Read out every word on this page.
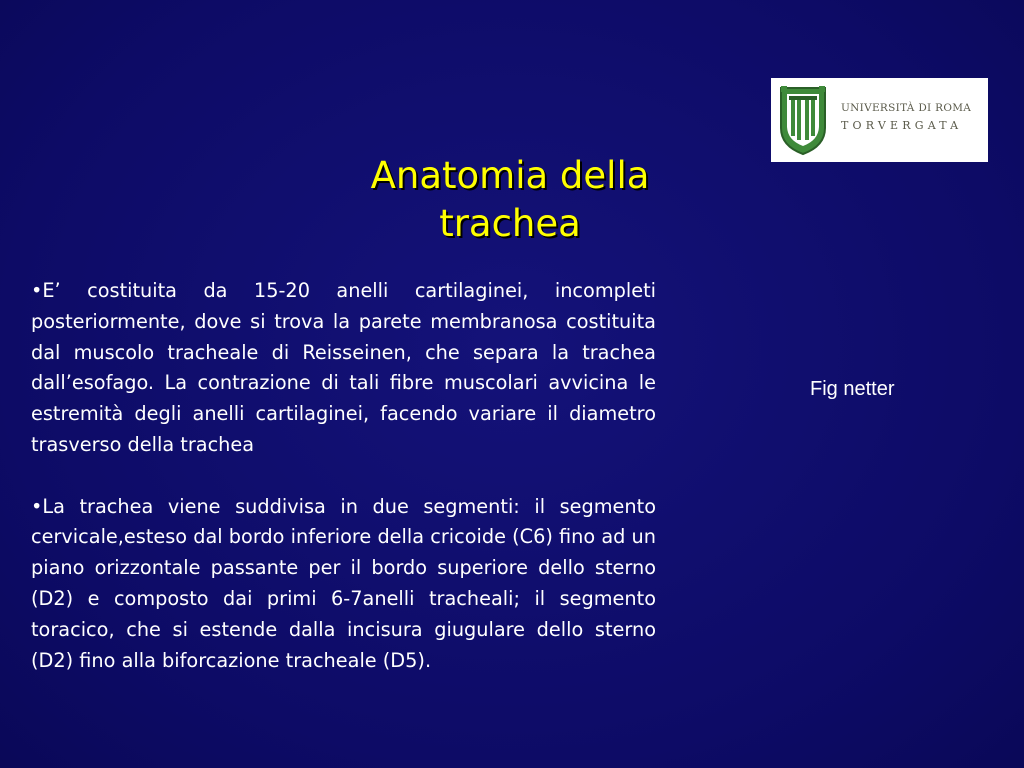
Anatomia della
trachea
UNIVERSITÀ DI ROMA
TORVERGATA

•E’ costituita da 15-20 anelli cartilaginei, incompleti posteriormente, dove si trova la parete membranosa costituita dal muscolo tracheale di Reisseinen, che separa la trachea dall’esofago. La contrazione di tali fibre muscolari avvicina le estremità degli anelli cartilaginei, facendo variare il diametro trasverso della trachea

•La trachea viene suddivisa in due segmenti: il segmento cervicale,esteso dal bordo inferiore della cricoide (C6) fino ad un piano orizzontale passante per il bordo superiore dello sterno (D2) e composto dai primi 6-7anelli tracheali; il segmento toracico, che si estende dalla incisura giugulare dello sterno (D2) fino alla biforcazione tracheale (D5).

Fig netter
